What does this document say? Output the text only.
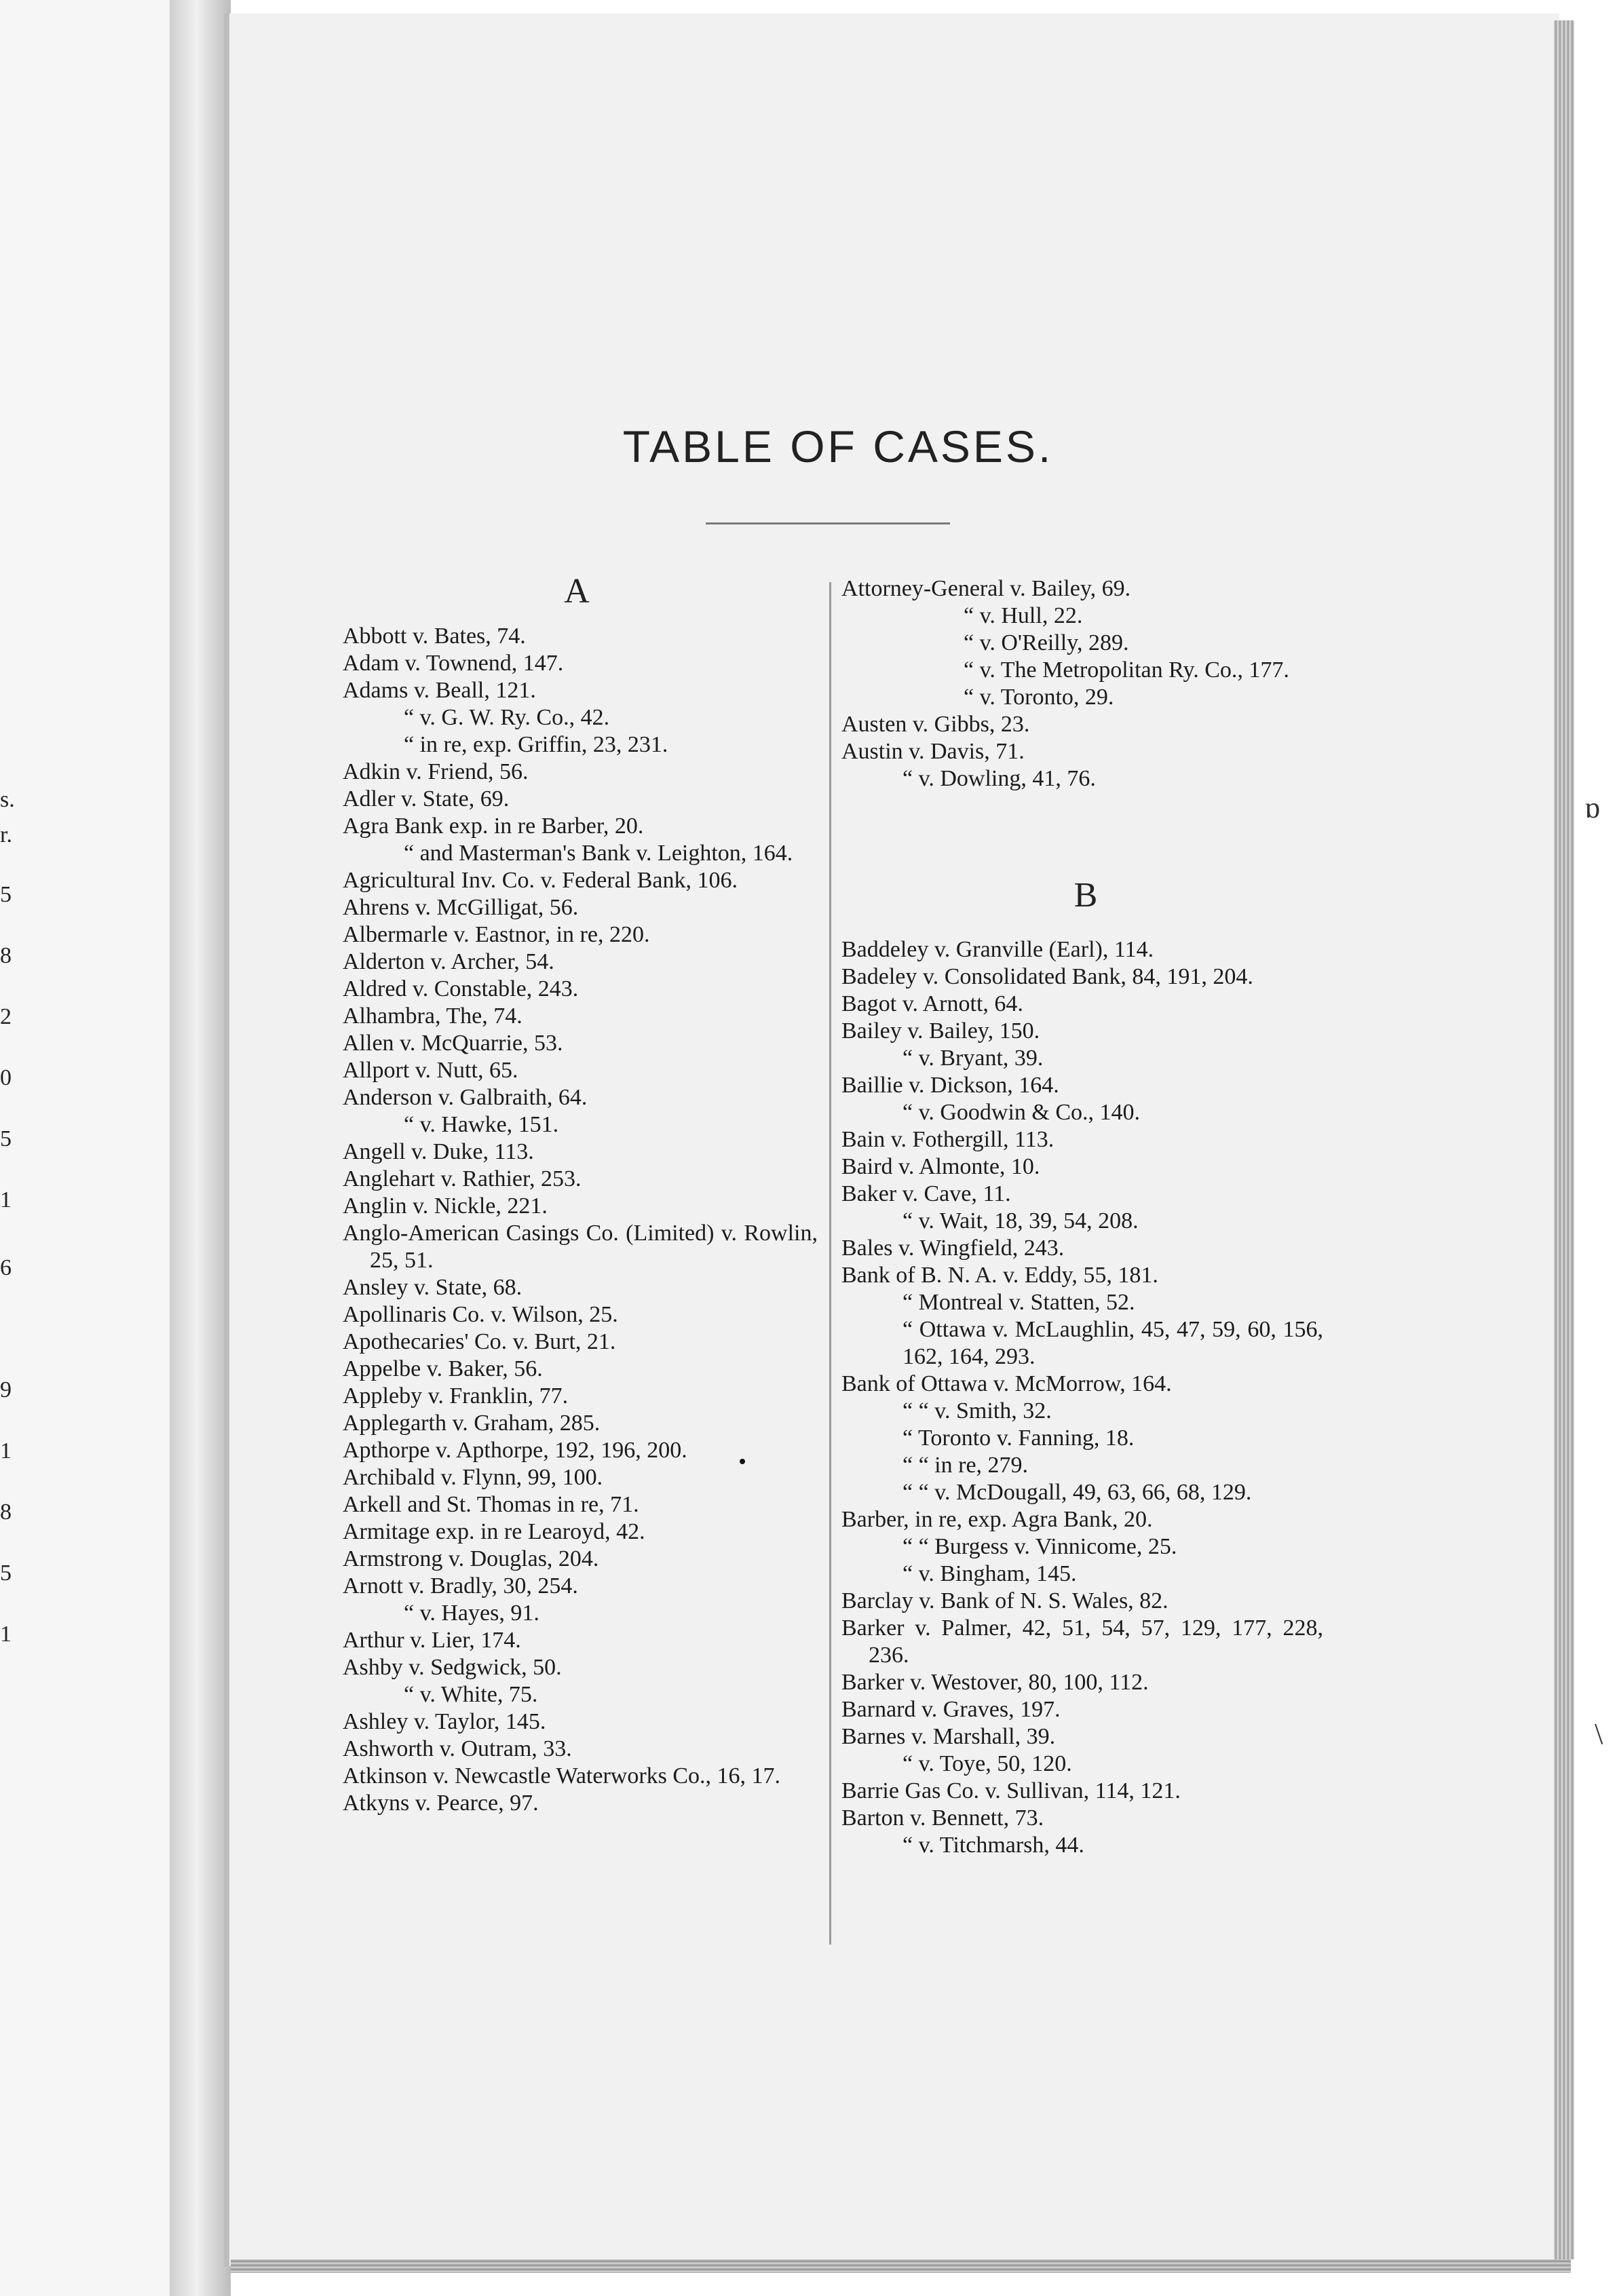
s.
r.
5
8
2
0
5
1
6
9
1
8
5
1
TABLE OF CASES.
A
B
Abbott v. Bates, 74.
Adam v. Townend, 147.
Adams v. Beall, 121.
“ v. G. W. Ry. Co., 42.
“ in re, exp. Griffin, 23, 231.
Adkin v. Friend, 56.
Adler v. State, 69.
Agra Bank exp. in re Barber, 20.
“ and Masterman's Bank v. Leighton, 164.
Agricultural Inv. Co. v. Federal Bank, 106.
Ahrens v. McGilligat, 56.
Albermarle v. Eastnor, in re, 220.
Alderton v. Archer, 54.
Aldred v. Constable, 243.
Alhambra, The, 74.
Allen v. McQuarrie, 53.
Allport v. Nutt, 65.
Anderson v. Galbraith, 64.
“ v. Hawke, 151.
Angell v. Duke, 113.
Anglehart v. Rathier, 253.
Anglin v. Nickle, 221.
Anglo-American Casings Co. (Limited) v. Rowlin, 25, 51.
Ansley v. State, 68.
Apollinaris Co. v. Wilson, 25.
Apothecaries' Co. v. Burt, 21.
Appelbe v. Baker, 56.
Appleby v. Franklin, 77.
Applegarth v. Graham, 285.
Apthorpe v. Apthorpe, 192, 196, 200.
Archibald v. Flynn, 99, 100.
Arkell and St. Thomas in re, 71.
Armitage exp. in re Learoyd, 42.
Armstrong v. Douglas, 204.
Arnott v. Bradly, 30, 254.
“ v. Hayes, 91.
Arthur v. Lier, 174.
Ashby v. Sedgwick, 50.
“ v. White, 75.
Ashley v. Taylor, 145.
Ashworth v. Outram, 33.
Atkinson v. Newcastle Waterworks Co., 16, 17.
Atkyns v. Pearce, 97.
Attorney-General v. Bailey, 69.
“ v. Hull, 22.
“ v. O'Reilly, 289.
“ v. The Metropolitan Ry. Co., 177.
“ v. Toronto, 29.
Austen v. Gibbs, 23.
Austin v. Davis, 71.
“ v. Dowling, 41, 76.
Baddeley v. Granville (Earl), 114.
Badeley v. Consolidated Bank, 84, 191, 204.
Bagot v. Arnott, 64.
Bailey v. Bailey, 150.
“ v. Bryant, 39.
Baillie v. Dickson, 164.
“ v. Goodwin & Co., 140.
Bain v. Fothergill, 113.
Baird v. Almonte, 10.
Baker v. Cave, 11.
“ v. Wait, 18, 39, 54, 208.
Bales v. Wingfield, 243.
Bank of B. N. A. v. Eddy, 55, 181.
“ Montreal v. Statten, 52.
“ Ottawa v. McLaughlin, 45, 47, 59, 60, 156, 162, 164, 293.
Bank of Ottawa v. McMorrow, 164.
“ “ v. Smith, 32.
“ Toronto v. Fanning, 18.
“ “ in re, 279.
“ “ v. McDougall, 49, 63, 66, 68, 129.
Barber, in re, exp. Agra Bank, 20.
“ “ Burgess v. Vinnicome, 25.
“ v. Bingham, 145.
Barclay v. Bank of N. S. Wales, 82.
Barker v. Palmer, 42, 51, 54, 57, 129, 177, 228, 236.
Barker v. Westover, 80, 100, 112.
Barnard v. Graves, 197.
Barnes v. Marshall, 39.
“ v. Toye, 50, 120.
Barrie Gas Co. v. Sullivan, 114, 121.
Barton v. Bennett, 73.
“ v. Titchmarsh, 44.
ɒ
\
